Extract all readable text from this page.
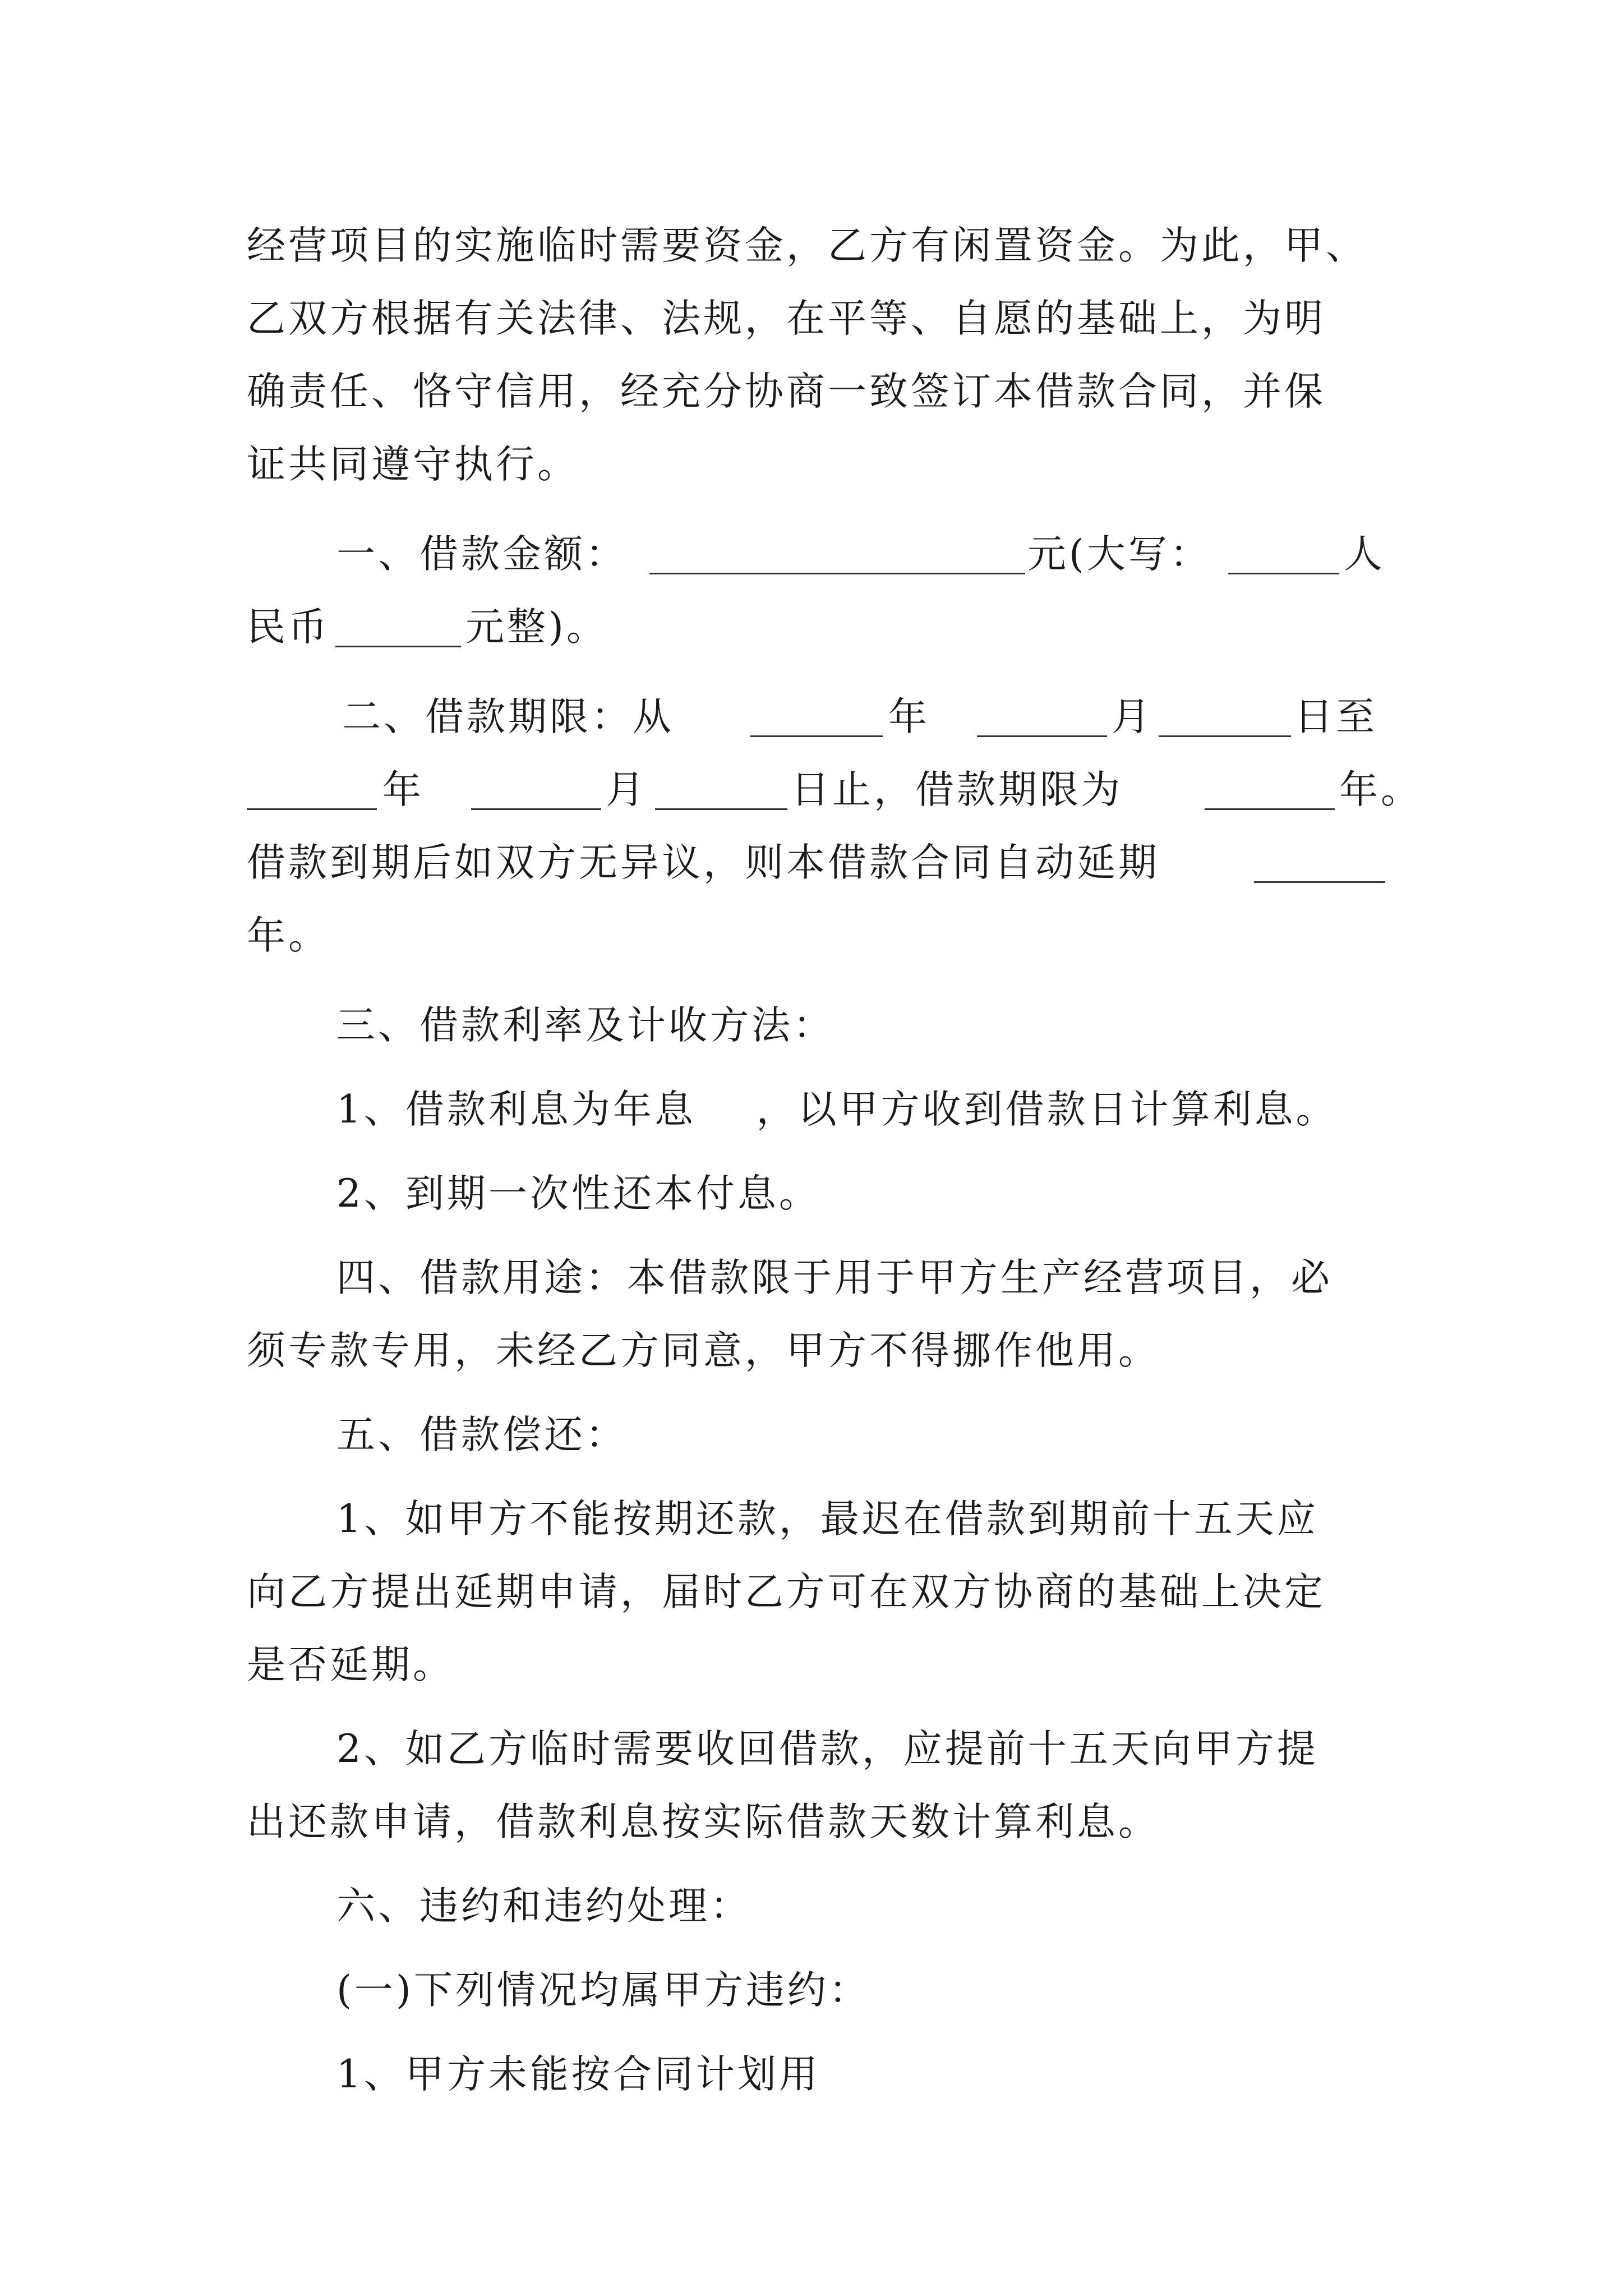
经营项目的实施临时需要资金，乙方有闲置资金。为此，甲、

乙双方根据有关法律、法规，在平等、自愿的基础上，为明

确责任、恪守信用，经充分协商一致签订本借款合同，并保

证共同遵守执行。

一、借款金额：

	元(大写：

	人

民币

	元整)。

二、借款期限：从

	年

	月

	日至

年

	月

	日止，借款期限为

	年。

借款到期后如双方无异议，则本借款合同自动延期

年。

三、借款利率及计收方法：

1、借款利息为年息    ，以甲方收到借款日计算利息。

2、到期一次性还本付息。

四、借款用途：本借款限于用于甲方生产经营项目，必

须专款专用，未经乙方同意，甲方不得挪作他用。

五、借款偿还：

1、如甲方不能按期还款，最迟在借款到期前十五天应

向乙方提出延期申请，届时乙方可在双方协商的基础上决定

是否延期。

2、如乙方临时需要收回借款，应提前十五天向甲方提

出还款申请，借款利息按实际借款天数计算利息。

六、违约和违约处理：

(一)下列情况均属甲方违约：

1、甲方未能按合同计划用
